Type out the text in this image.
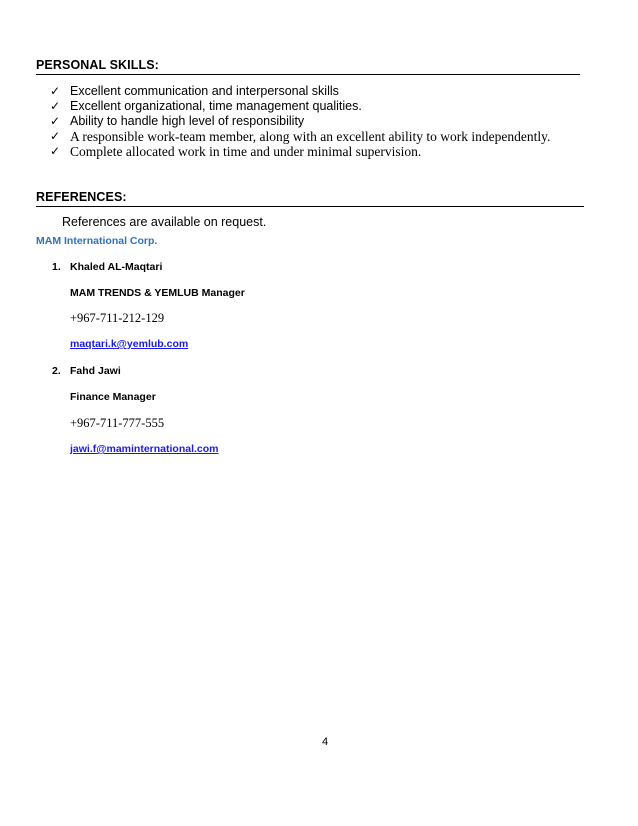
PERSONAL SKILLS:
✓ Excellent communication and interpersonal skills
✓ Excellent organizational, time management qualities.
✓ Ability to handle high level of responsibility
✓ A responsible work-team member, along with an excellent ability to work independently.
✓ Complete allocated work in time and under minimal supervision.
REFERENCES:
References are available on request.
MAM International Corp.
1. Khaled AL-Maqtari
MAM TRENDS & YEMLUB Manager
+967-711-212-129
maqtari.k@yemlub.com
2. Fahd Jawi
Finance Manager
+967-711-777-555
jawi.f@maminternational.com
4
